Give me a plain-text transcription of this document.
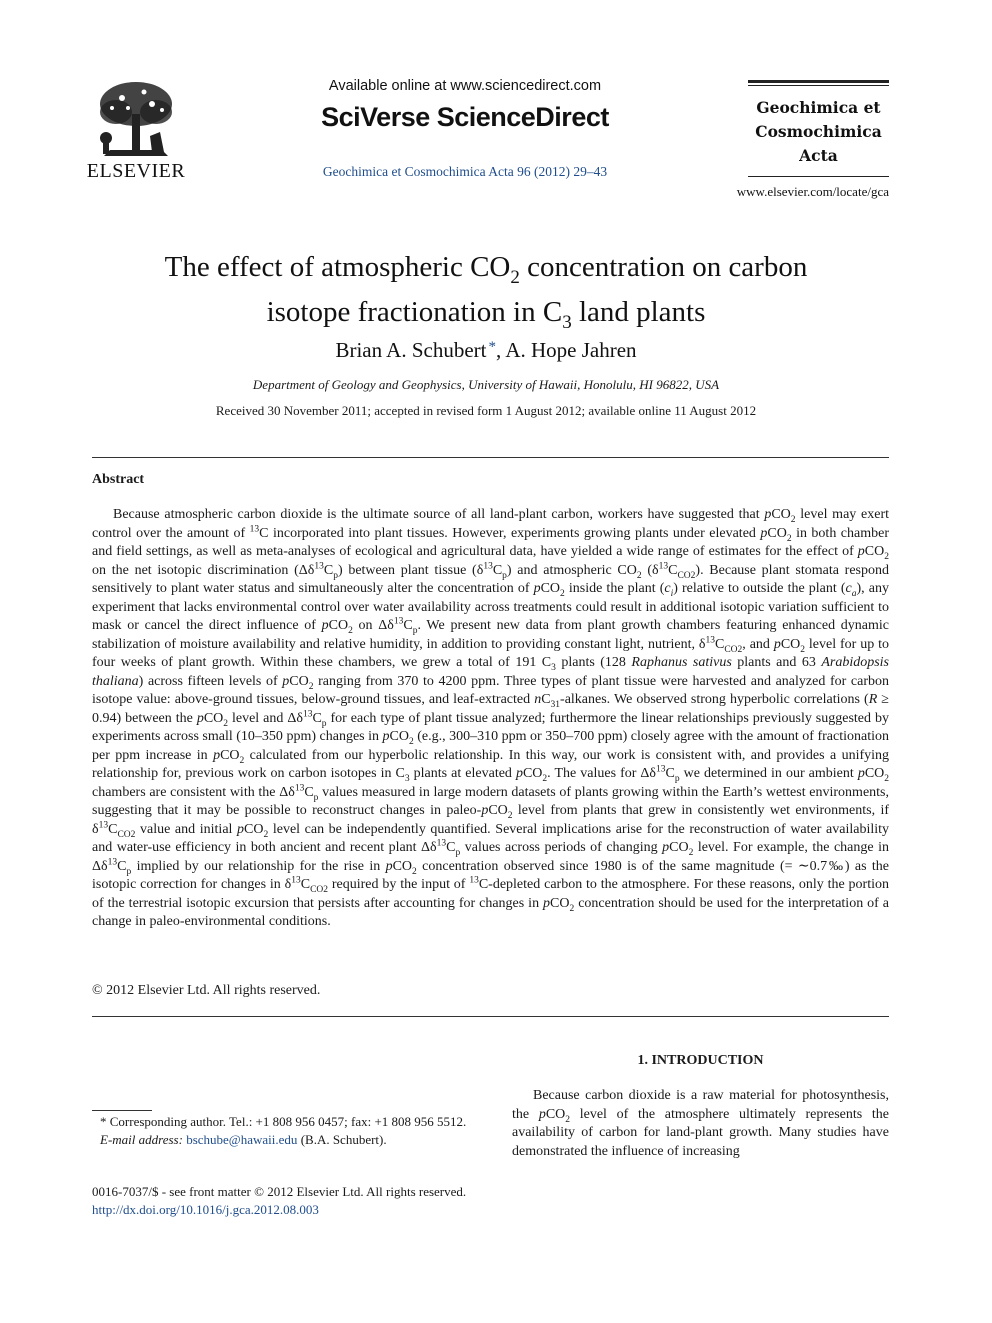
ELSEVIER
Available online at www.sciencedirect.com
SciVerse ScienceDirect
Geochimica et Cosmochimica Acta 96 (2012) 29–43
Geochimica et
Cosmochimica
Acta
www.elsevier.com/locate/gca
The effect of atmospheric $CO_2$ concentration on carbon
isotope fractionation in $C_3$ land plants
Brian A. Schubert *, A. Hope Jahren
Department of Geology and Geophysics, University of Hawaii, Honolulu, HI 96822, USA
Received 30 November 2011; accepted in revised form 1 August 2012; available online 11 August 2012
Abstract
Because atmospheric carbon dioxide is the ultimate source of all land-plant carbon, workers have suggested that pCO$_2$ level may exert control over the amount of $^{13}$C incorporated into plant tissues. However, experiments growing plants under elevated pCO$_2$ in both chamber and field settings, as well as meta-analyses of ecological and agricultural data, have yielded a wide range of estimates for the effect of pCO$_2$ on the net isotopic discrimination $(\Delta\delta^{13}C_p)$ between plant tissue $(\delta^{13}C_p)$ and atmospheric $CO_2$ $(\delta^{13}C_{CO2})$. Because plant stomata respond sensitively to plant water status and simultaneously alter the concentration of pCO$_2$ inside the plant $(c_i)$ relative to outside the plant $(c_a)$, any experiment that lacks environmental control over water availability across treatments could result in additional isotopic variation sufficient to mask or cancel the direct influence of pCO$_2$ on $\Delta\delta^{13}C_p$. We present new data from plant growth chambers featuring enhanced dynamic stabilization of moisture availability and relative humidity, in addition to providing constant light, nutrient, $\delta^{13}C_{CO2}$, and pCO$_2$ level for up to four weeks of plant growth. Within these chambers, we grew a total of 191 $C_3$ plants (128 Raphanus sativus plants and 63 Arabidopsis thaliana) across fifteen levels of pCO$_2$ ranging from 370 to 4200 ppm. Three types of plant tissue were harvested and analyzed for carbon isotope value: above-ground tissues, below-ground tissues, and leaf-extracted $nC_{31}$-alkanes. We observed strong hyperbolic correlations (R ≥ 0.94) between the pCO$_2$ level and $\Delta\delta^{13}C_p$ for each type of plant tissue analyzed; furthermore the linear relationships previously suggested by experiments across small (10–350 ppm) changes in pCO$_2$ (e.g., 300–310 ppm or 350–700 ppm) closely agree with the amount of fractionation per ppm increase in pCO$_2$ calculated from our hyperbolic relationship. In this way, our work is consistent with, and provides a unifying relationship for, previous work on carbon isotopes in $C_3$ plants at elevated pCO$_2$. The values for $\Delta\delta^{13}C_p$ we determined in our ambient pCO$_2$ chambers are consistent with the $\Delta\delta^{13}C_p$ values measured in large modern datasets of plants growing within the Earth’s wettest environments, suggesting that it may be possible to reconstruct changes in paleo-pCO$_2$ level from plants that grew in consistently wet environments, if $\delta^{13}C_{CO2}$ value and initial pCO$_2$ level can be independently quantified. Several implications arise for the reconstruction of water availability and water-use efficiency in both ancient and recent plant $\Delta\delta^{13}C_p$ values across periods of changing pCO$_2$ level. For example, the change in $\Delta\delta^{13}C_p$ implied by our relationship for the rise in pCO$_2$ concentration observed since 1980 is of the same magnitude (= ∼0.7‰) as the isotopic correction for changes in $\delta^{13}C_{CO2}$ required by the input of $^{13}$C-depleted carbon to the atmosphere. For these reasons, only the portion of the terrestrial isotopic excursion that persists after accounting for changes in pCO$_2$ concentration should be used for the interpretation of a change in paleo-environmental conditions.
© 2012 Elsevier Ltd. All rights reserved.
1. INTRODUCTION
Because carbon dioxide is a raw material for photosynthesis, the pCO$_2$ level of the atmosphere ultimately represents the availability of carbon for land-plant growth. Many studies have demonstrated the influence of increasing
* Corresponding author. Tel.: +1 808 956 0457; fax: +1 808 956 5512.
E-mail address: bschube@hawaii.edu (B.A. Schubert).
0016-7037/$ - see front matter © 2012 Elsevier Ltd. All rights reserved.
http://dx.doi.org/10.1016/j.gca.2012.08.003
